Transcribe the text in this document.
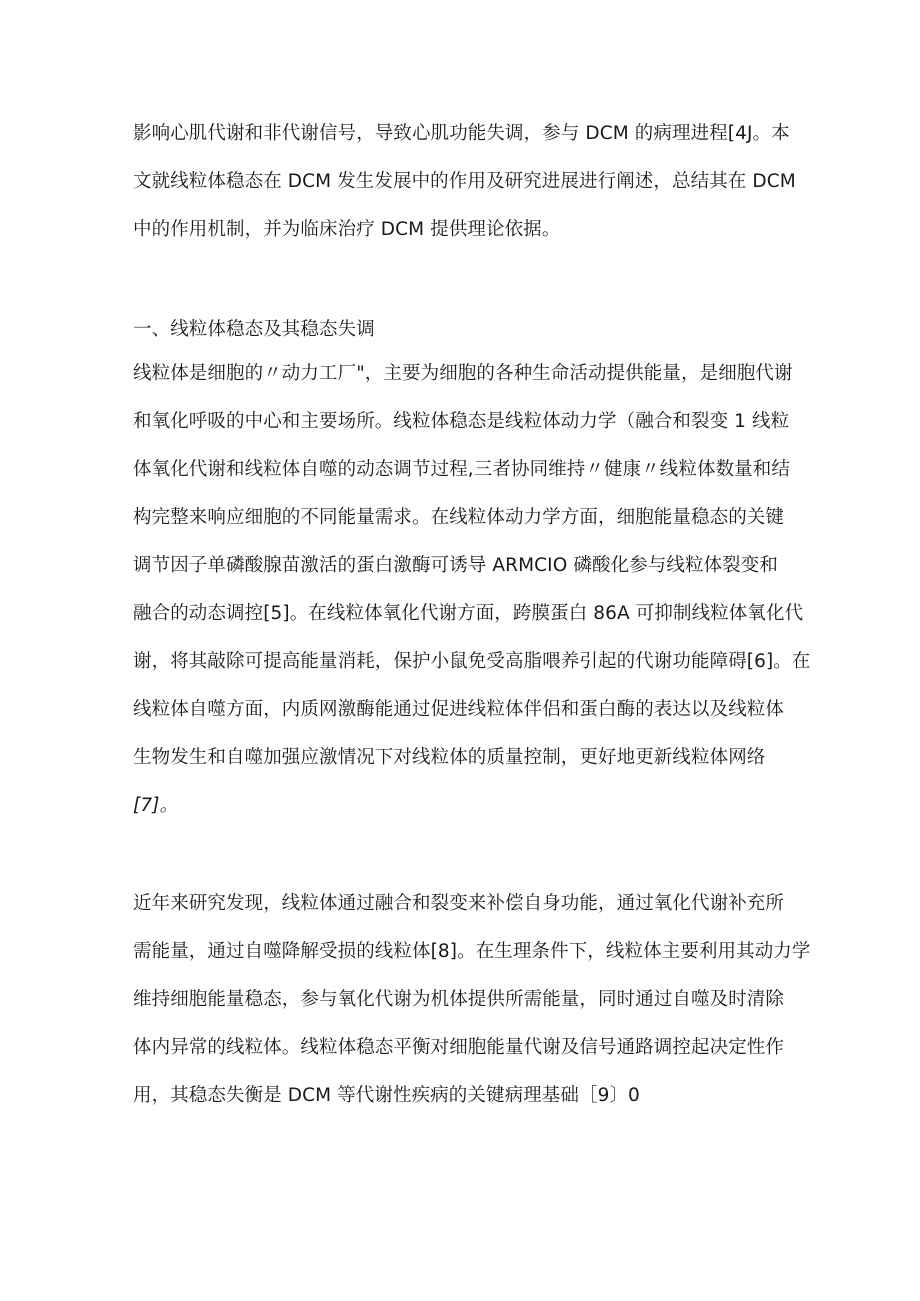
影响心肌代谢和非代谢信号，导致心肌功能失调，参与 DCM 的病理进程[4J。本
文就线粒体稳态在 DCM 发生发展中的作用及研究进展进行阐述，总结其在 DCM
中的作用机制，并为临床治疗 DCM 提供理论依据。

一、线粒体稳态及其稳态失调

线粒体是细胞的〃动力工厂"，主要为细胞的各种生命活动提供能量，是细胞代谢
和氧化呼吸的中心和主要场所。线粒体稳态是线粒体动力学（融合和裂变 1 线粒
体氧化代谢和线粒体自噬的动态调节过程,三者协同维持〃健康〃线粒体数量和结
构完整来响应细胞的不同能量需求。在线粒体动力学方面，细胞能量稳态的关键
调节因子单磷酸腺苗激活的蛋白激酶可诱导 ARMCIO 磷酸化参与线粒体裂变和
融合的动态调控[5]。在线粒体氧化代谢方面，跨膜蛋白 86A 可抑制线粒体氧化代
谢，将其敲除可提高能量消耗，保护小鼠免受高脂喂养引起的代谢功能障碍[6]。在
线粒体自噬方面，内质网激酶能通过促进线粒体伴侣和蛋白酶的表达以及线粒体
生物发生和自噬加强应激情况下对线粒体的质量控制，更好地更新线粒体网络
[7]。

近年来研究发现，线粒体通过融合和裂变来补偿自身功能，通过氧化代谢补充所
需能量，通过自噬降解受损的线粒体[8]。在生理条件下，线粒体主要利用其动力学
维持细胞能量稳态，参与氧化代谢为机体提供所需能量，同时通过自噬及时清除
体内异常的线粒体。线粒体稳态平衡对细胞能量代谢及信号通路调控起决定性作
用，其稳态失衡是 DCM 等代谢性疾病的关键病理基础［9〕0
